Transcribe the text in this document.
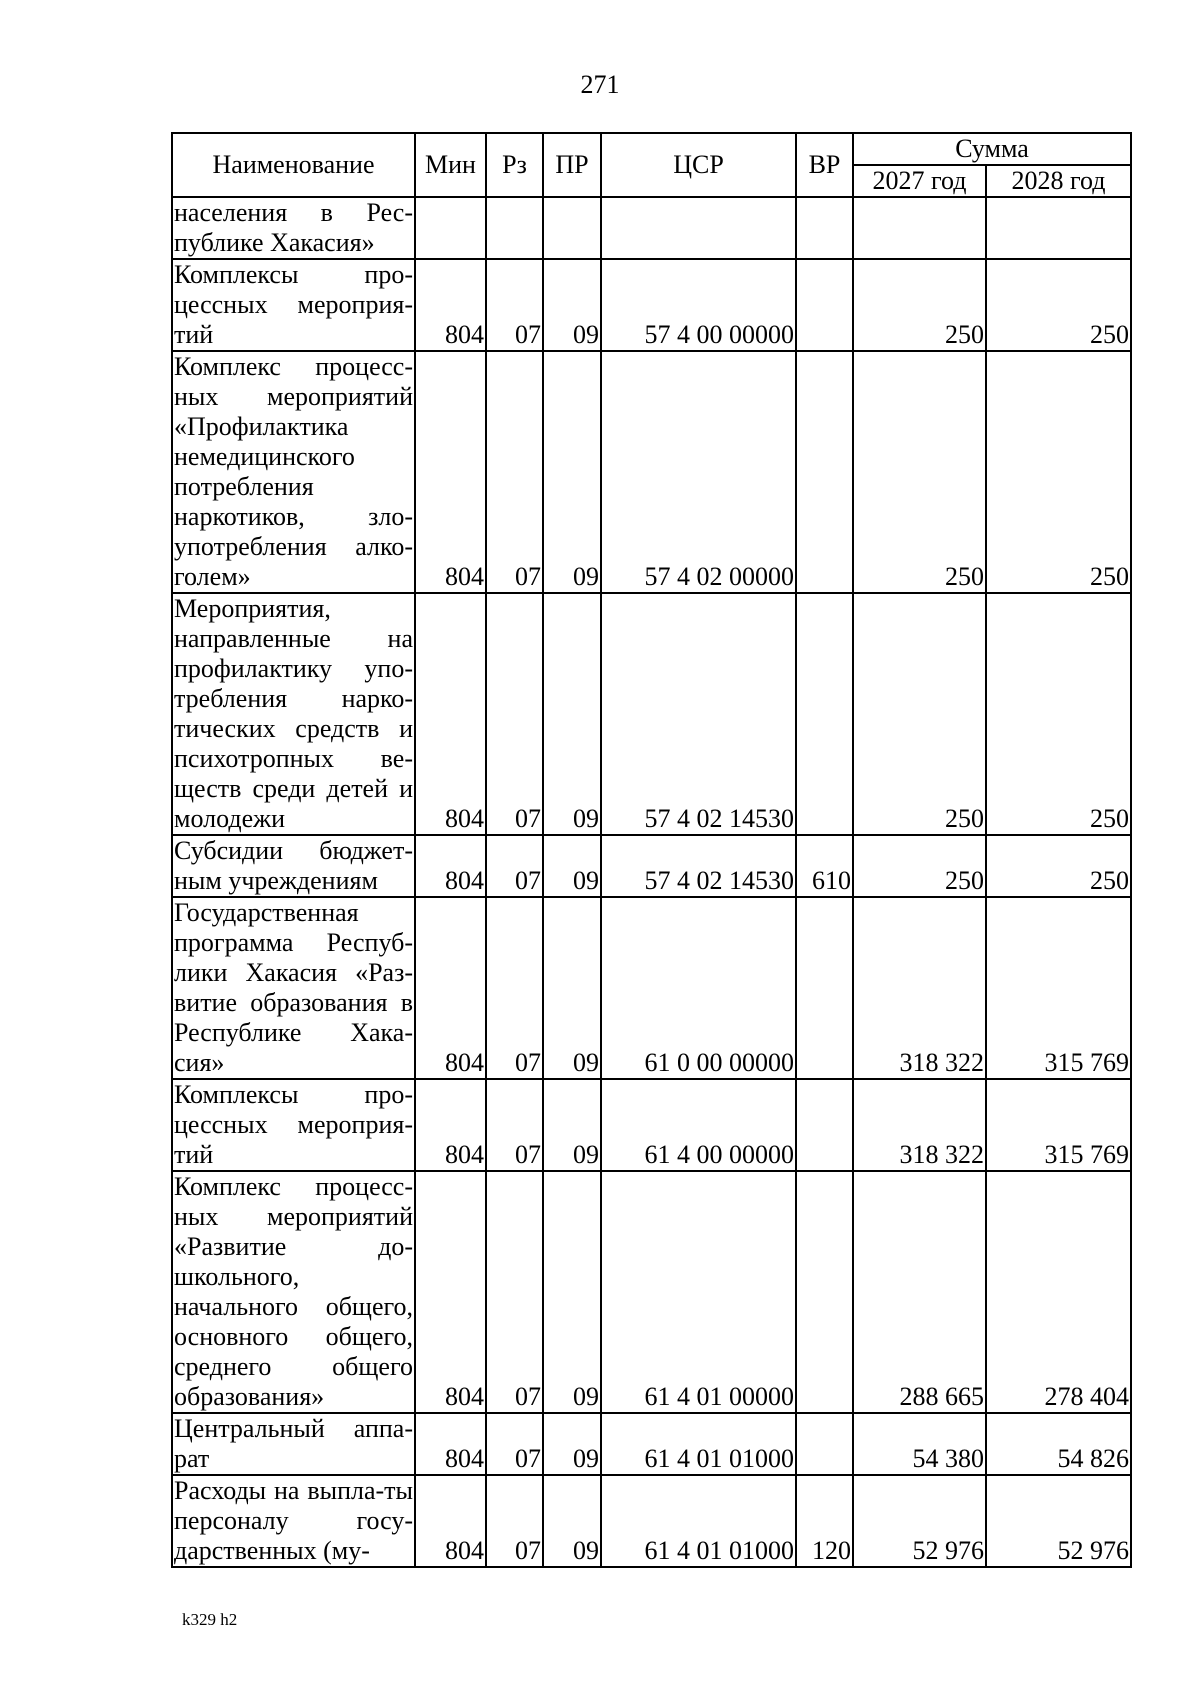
271
Наименование	Мин	Рз	ПР	ЦСР	ВР	Сумма	
						2027 год	2028 год
населения в Рес-публике Хакасия»							
Комплексы про-цессных мероприя-тий	804	07	09	57 4 00 00000		250	250
Комплекс процесс-ных мероприятий «Профилактика немедицинского потребления наркотиков, зло-употребления алко-голем»	804	07	09	57 4 02 00000		250	250
Мероприятия, направленные на профилактику упо-требления нарко-тических средств и психотропных ве-ществ среди детей и молодежи	804	07	09	57 4 02 14530		250	250
Субсидии бюджет-ным учреждениям	804	07	09	57 4 02 14530	610	250	250
Государственная программа Респуб-лики Хакасия «Раз-витие образования в Республике Хака-сия»	804	07	09	61 0 00 00000		318 322	315 769
Комплексы про-цессных мероприя-тий	804	07	09	61 4 00 00000		318 322	315 769
Комплекс процесс-ных мероприятий «Развитие до-школьного, начального общего, основного общего, среднего общего образования»	804	07	09	61 4 01 00000		288 665	278 404
Центральный аппа-рат	804	07	09	61 4 01 01000		54 380	54 826
Расходы на выпла-ты персоналу госу-дарственных (му-	804	07	09	61 4 01 01000	120	52 976	52 976
k329 h2
